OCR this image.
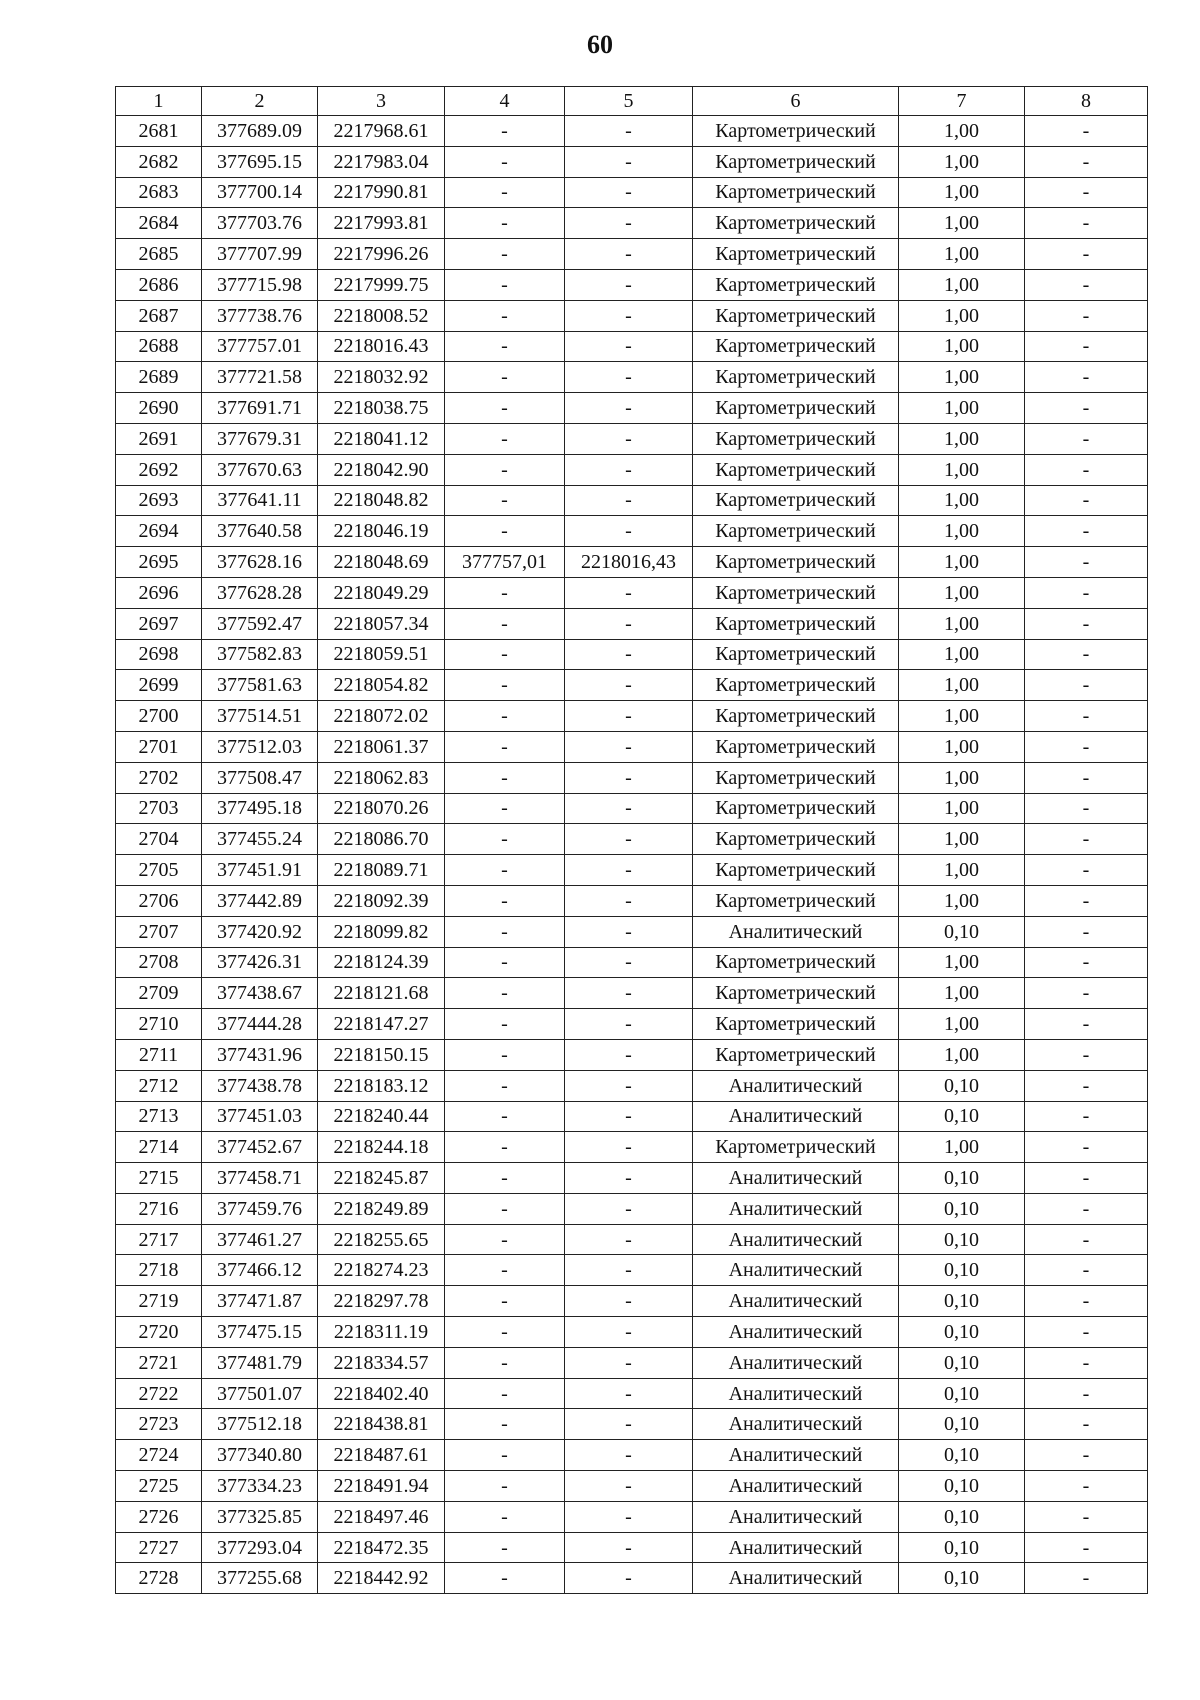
60
1	2	3	4	5	6	7	8
2681	377689.09	2217968.61	-	-	Картометрический	1,00	-
2682	377695.15	2217983.04	-	-	Картометрический	1,00	-
2683	377700.14	2217990.81	-	-	Картометрический	1,00	-
2684	377703.76	2217993.81	-	-	Картометрический	1,00	-
2685	377707.99	2217996.26	-	-	Картометрический	1,00	-
2686	377715.98	2217999.75	-	-	Картометрический	1,00	-
2687	377738.76	2218008.52	-	-	Картометрический	1,00	-
2688	377757.01	2218016.43	-	-	Картометрический	1,00	-
2689	377721.58	2218032.92	-	-	Картометрический	1,00	-
2690	377691.71	2218038.75	-	-	Картометрический	1,00	-
2691	377679.31	2218041.12	-	-	Картометрический	1,00	-
2692	377670.63	2218042.90	-	-	Картометрический	1,00	-
2693	377641.11	2218048.82	-	-	Картометрический	1,00	-
2694	377640.58	2218046.19	-	-	Картометрический	1,00	-
2695	377628.16	2218048.69	377757,01	2218016,43	Картометрический	1,00	-
2696	377628.28	2218049.29	-	-	Картометрический	1,00	-
2697	377592.47	2218057.34	-	-	Картометрический	1,00	-
2698	377582.83	2218059.51	-	-	Картометрический	1,00	-
2699	377581.63	2218054.82	-	-	Картометрический	1,00	-
2700	377514.51	2218072.02	-	-	Картометрический	1,00	-
2701	377512.03	2218061.37	-	-	Картометрический	1,00	-
2702	377508.47	2218062.83	-	-	Картометрический	1,00	-
2703	377495.18	2218070.26	-	-	Картометрический	1,00	-
2704	377455.24	2218086.70	-	-	Картометрический	1,00	-
2705	377451.91	2218089.71	-	-	Картометрический	1,00	-
2706	377442.89	2218092.39	-	-	Картометрический	1,00	-
2707	377420.92	2218099.82	-	-	Аналитический	0,10	-
2708	377426.31	2218124.39	-	-	Картометрический	1,00	-
2709	377438.67	2218121.68	-	-	Картометрический	1,00	-
2710	377444.28	2218147.27	-	-	Картометрический	1,00	-
2711	377431.96	2218150.15	-	-	Картометрический	1,00	-
2712	377438.78	2218183.12	-	-	Аналитический	0,10	-
2713	377451.03	2218240.44	-	-	Аналитический	0,10	-
2714	377452.67	2218244.18	-	-	Картометрический	1,00	-
2715	377458.71	2218245.87	-	-	Аналитический	0,10	-
2716	377459.76	2218249.89	-	-	Аналитический	0,10	-
2717	377461.27	2218255.65	-	-	Аналитический	0,10	-
2718	377466.12	2218274.23	-	-	Аналитический	0,10	-
2719	377471.87	2218297.78	-	-	Аналитический	0,10	-
2720	377475.15	2218311.19	-	-	Аналитический	0,10	-
2721	377481.79	2218334.57	-	-	Аналитический	0,10	-
2722	377501.07	2218402.40	-	-	Аналитический	0,10	-
2723	377512.18	2218438.81	-	-	Аналитический	0,10	-
2724	377340.80	2218487.61	-	-	Аналитический	0,10	-
2725	377334.23	2218491.94	-	-	Аналитический	0,10	-
2726	377325.85	2218497.46	-	-	Аналитический	0,10	-
2727	377293.04	2218472.35	-	-	Аналитический	0,10	-
2728	377255.68	2218442.92	-	-	Аналитический	0,10	-
